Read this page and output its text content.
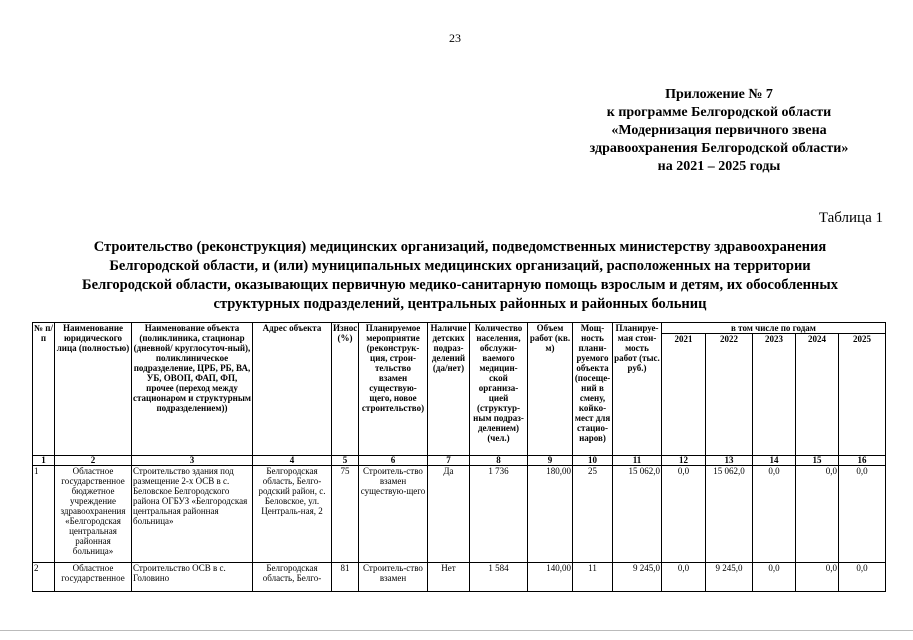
23
Приложение № 7
к программе Белгородской области
«Модернизация первичного звена
здравоохранения Белгородской области»
на 2021 – 2025 годы
Таблица 1
Строительство (реконструкция) медицинских организаций, подведомственных министерству здравоохранения
Белгородской области, и (или) муниципальных медицинских организаций, расположенных на территории
Белгородской области, оказывающих первичную медико-санитарную помощь взрослым и детям, их обособленных
структурных подразделений, центральных районных и районных больниц
№ п/п	Наименование юридического лица (полностью)	Наименование объекта (поликлиника, стационар (дневной/ круглосуточ-ный), поликлиническое подразделение, ЦРБ, РБ, ВА, УБ, ОВОП, ФАП, ФП, прочее (переход между стационаром и структурным подразделением))	Адрес объекта	Износ (%)	Планируемое мероприятие (реконструк-ция, строи-тельство взамен существую-щего, новое строительство)	Наличие детских подраз-делений (да/нет)	Количество населения, обслужи-ваемого медицин-ской организа-цией (структур-ным подраз-делением) (чел.)	Объем работ (кв. м)	Мощ-ность плани-руемого объекта (посеще-ний в смену, койко-мест для стацио-наров)	Планируе-мая стои-мость работ (тыс. руб.)	в том числе по годам				
											2021	2022	2023	2024	2025
1	2	3	4	5	6	7	8	9	10	11	12	13	14	15	16
1	Областное государственное бюджетное учреждение здравоохранения «Белгородская центральная районная больница»	Строительство здания под размещение 2-х ОСВ в с. Беловское Белгородского района ОГБУЗ «Белгородская центральная районная больница»	Белгородская область, Белго-родский район, с. Беловское, ул. Централь-ная, 2	75	Строитель-ство взамен существую-щего	Да	1 736	180,00	25	15 062,0	0,0	15 062,0	0,0	0,0	0,0
2	Областное государственное	Строительство ОСВ в с. Головино	Белгородская область, Белго-	81	Строитель-ство взамен	Нет	1 584	140,00	11	9 245,0	0,0	9 245,0	0,0	0,0	0,0
